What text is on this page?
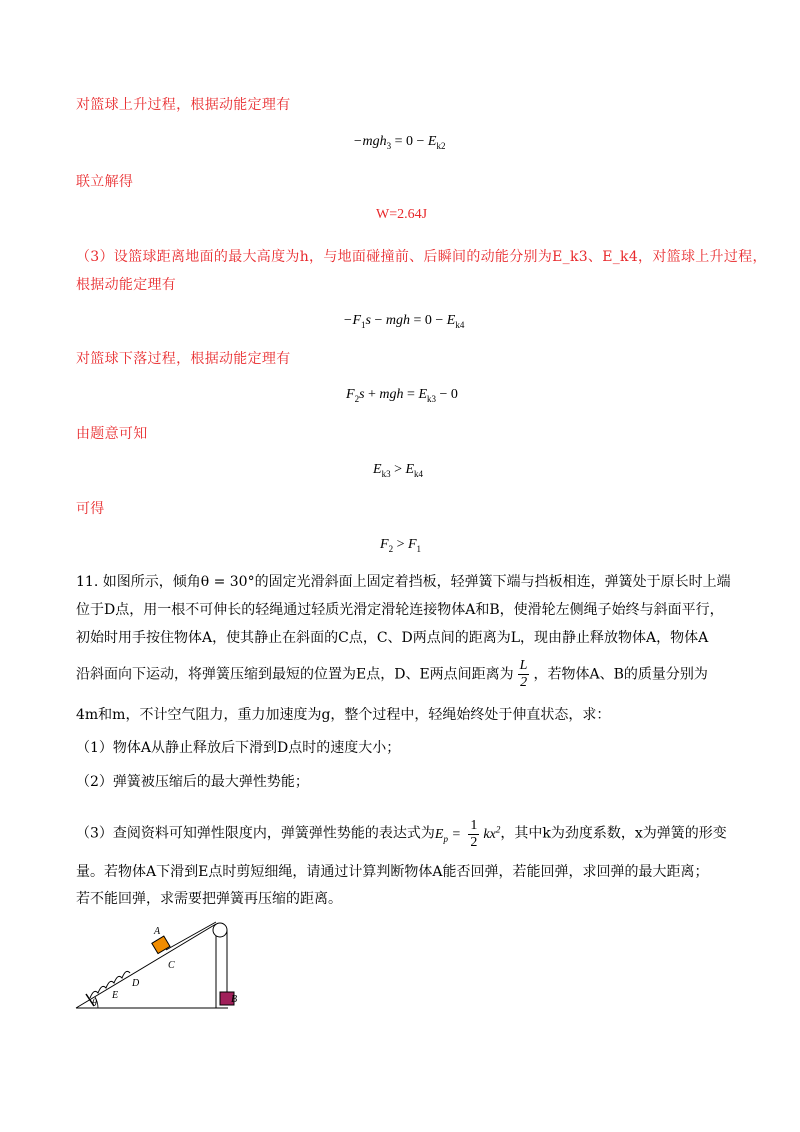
对篮球上升过程，根据动能定理有
$-mgh_3 = 0 - E_{k2}$
联立解得
W=2.64J
（3）设篮球距离地面的最大高度为h，与地面碰撞前、后瞬间的动能分别为E_k3、E_k4，对篮球上升过程，
根据动能定理有
$-F_1s$ − mgh = $0 - E_{k4}$
对篮球下落过程，根据动能定理有
$F_2s$ + mgh = $E_{k3} - 0$
由题意可知
$E_{k3} > E_{k4}$
可得
$F_2 > F_1$
11. 如图所示，倾角θ = 30°的固定光滑斜面上固定着挡板，轻弹簧下端与挡板相连，弹簧处于原长时上端
位于D点，用一根不可伸长的轻绳通过轻质光滑定滑轮连接物体A和B，使滑轮左侧绳子始终与斜面平行，
初始时用手按住物体A，使其静止在斜面的C点，C、D两点间的距离为L，现由静止释放物体A，物体A
沿斜面向下运动，将弹簧压缩到最短的位置为E点，D、E两点间距离为 $\frac{L}{2}$ ，若物体A、B的质量分别为
4m和m，不计空气阻力，重力加速度为g，整个过程中，轻绳始终处于伸直状态，求：
（1）物体A从静止释放后下滑到D点时的速度大小；
（2）弹簧被压缩后的最大弹性势能；
（3）查阅资料可知弹性限度内，弹簧弹性势能的表达式为$E_p = \frac{1}{2} kx^2$，其中k为劲度系数，x为弹簧的形变
量。若物体A下滑到E点时剪短细绳，请通过计算判断物体A能否回弹，若能回弹，求回弹的最大距离；
若不能回弹，求需要把弹簧再压缩的距离。
A
C
D
E
θ	B
